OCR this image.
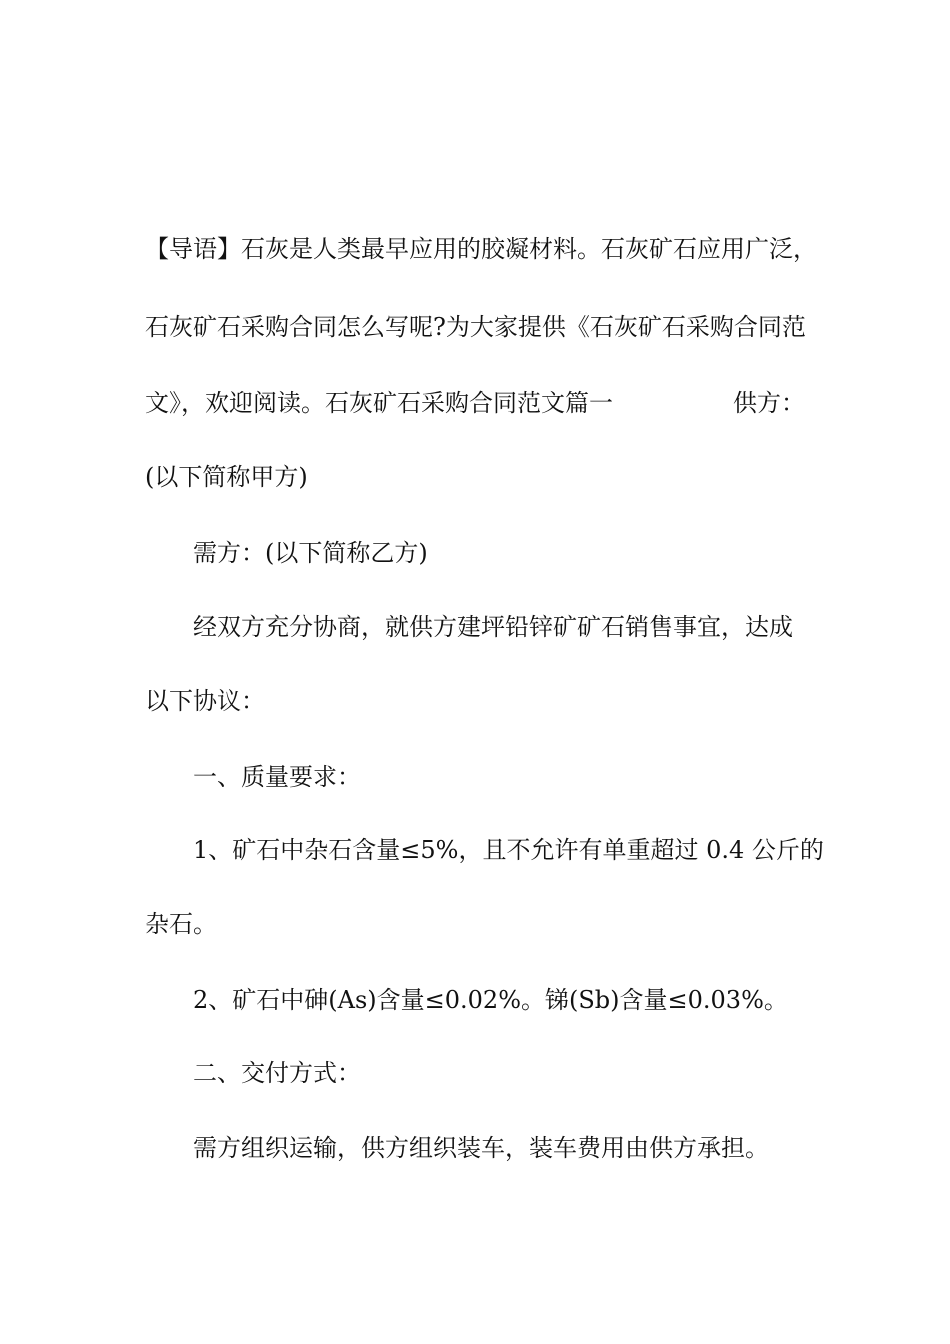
【导语】石灰是人类最早应用的胶凝材料。石灰矿石应用广泛，
石灰矿石采购合同怎么写呢?为大家提供《石灰矿石采购合同范
文》，欢迎阅读。石灰矿石采购合同范文篇一	供方：
(以下简称甲方)
需方：(以下简称乙方)
经双方充分协商，就供方建坪铅锌矿矿石销售事宜，达成
以下协议：
一、质量要求：
1、矿石中杂石含量≤5%，且不允许有单重超过 0.4 公斤的
杂石。
2、矿石中砷(As)含量≤0.02%。锑(Sb)含量≤0.03%。
二、交付方式：
需方组织运输，供方组织装车，装车费用由供方承担。
